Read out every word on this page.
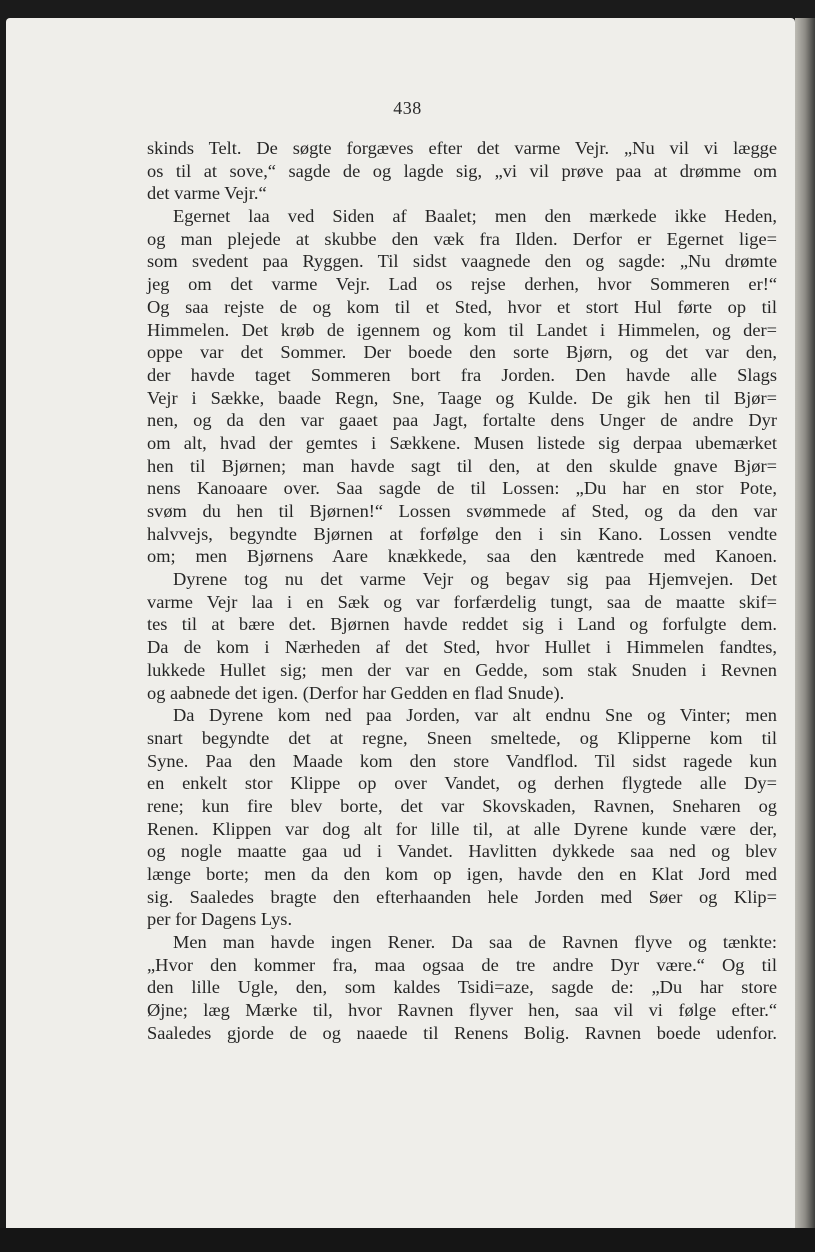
438
skinds Telt. De søgte forgæves efter det varme Vejr. „Nu vil vi lægge
os til at sove,“ sagde de og lagde sig, „vi vil prøve paa at drømme om
det varme Vejr.“
Egernet laa ved Siden af Baalet; men den mærkede ikke Heden,
og man plejede at skubbe den væk fra Ilden. Derfor er Egernet lige=
som svedent paa Ryggen. Til sidst vaagnede den og sagde: „Nu drømte
jeg om det varme Vejr. Lad os rejse derhen, hvor Sommeren er!“
Og saa rejste de og kom til et Sted, hvor et stort Hul førte op til
Himmelen. Det krøb de igennem og kom til Landet i Himmelen, og der=
oppe var det Sommer. Der boede den sorte Bjørn, og det var den,
der havde taget Sommeren bort fra Jorden. Den havde alle Slags
Vejr i Sække, baade Regn, Sne, Taage og Kulde. De gik hen til Bjør=
nen, og da den var gaaet paa Jagt, fortalte dens Unger de andre Dyr
om alt, hvad der gemtes i Sækkene. Musen listede sig derpaa ubemærket
hen til Bjørnen; man havde sagt til den, at den skulde gnave Bjør=
nens Kanoaare over. Saa sagde de til Lossen: „Du har en stor Pote,
svøm du hen til Bjørnen!“ Lossen svømmede af Sted, og da den var
halvvejs, begyndte Bjørnen at forfølge den i sin Kano. Lossen vendte
om; men Bjørnens Aare knækkede, saa den kæntrede med Kanoen.
Dyrene tog nu det varme Vejr og begav sig paa Hjemvejen. Det
varme Vejr laa i en Sæk og var forfærdelig tungt, saa de maatte skif=
tes til at bære det. Bjørnen havde reddet sig i Land og forfulgte dem.
Da de kom i Nærheden af det Sted, hvor Hullet i Himmelen fandtes,
lukkede Hullet sig; men der var en Gedde, som stak Snuden i Revnen
og aabnede det igen. (Derfor har Gedden en flad Snude).
Da Dyrene kom ned paa Jorden, var alt endnu Sne og Vinter; men
snart begyndte det at regne, Sneen smeltede, og Klipperne kom til
Syne. Paa den Maade kom den store Vandflod. Til sidst ragede kun
en enkelt stor Klippe op over Vandet, og derhen flygtede alle Dy=
rene; kun fire blev borte, det var Skovskaden, Ravnen, Sneharen og
Renen. Klippen var dog alt for lille til, at alle Dyrene kunde være der,
og nogle maatte gaa ud i Vandet. Havlitten dykkede saa ned og blev
længe borte; men da den kom op igen, havde den en Klat Jord med
sig. Saaledes bragte den efterhaanden hele Jorden med Søer og Klip=
per for Dagens Lys.
Men man havde ingen Rener. Da saa de Ravnen flyve og tænkte:
„Hvor den kommer fra, maa ogsaa de tre andre Dyr være.“ Og til
den lille Ugle, den, som kaldes Tsidi=aze, sagde de: „Du har store
Øjne; læg Mærke til, hvor Ravnen flyver hen, saa vil vi følge efter.“
Saaledes gjorde de og naaede til Renens Bolig. Ravnen boede udenfor.
